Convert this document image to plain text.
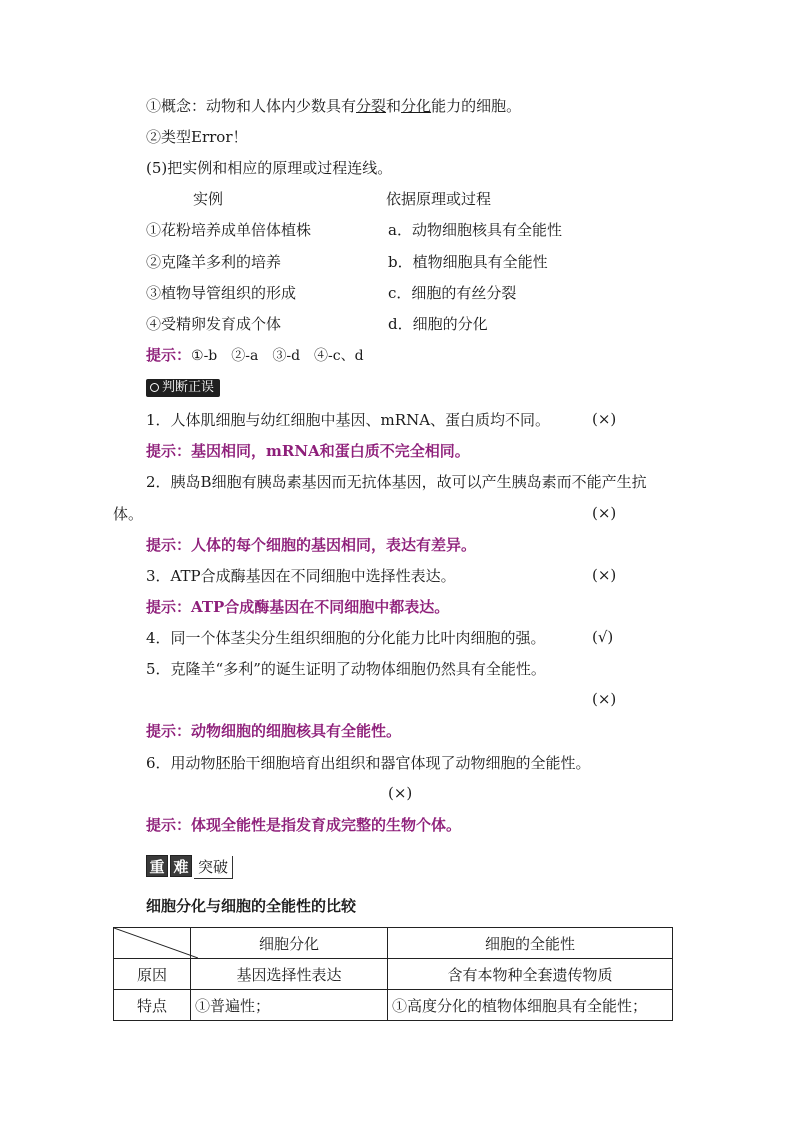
①概念：动物和人体内少数具有分裂和分化能力的细胞。
②类型Error！
(5)把实例和相应的原理或过程连线。
实例	依据原理或过程
①花粉培养成单倍体植株	a．动物细胞核具有全能性
②克隆羊多利的培养	b．植物细胞具有全能性
③植物导管组织的形成	c．细胞的有丝分裂
④受精卵发育成个体	d．细胞的分化
提示：①-b　②-a　③-d　④-c、d
判断正误
1．人体肌细胞与幼红细胞中基因、mRNA、蛋白质均不同。	(×)
提示：基因相同，mRNA和蛋白质不完全相同。
2．胰岛B细胞有胰岛素基因而无抗体基因，故可以产生胰岛素而不能产生抗
体。	(×)
提示：人体的每个细胞的基因相同，表达有差异。
3．ATP合成酶基因在不同细胞中选择性表达。	(×)
提示：ATP合成酶基因在不同细胞中都表达。
4．同一个体茎尖分生组织细胞的分化能力比叶肉细胞的强。	(√)
5．克隆羊“多利”的诞生证明了动物体细胞仍然具有全能性。
(×)
提示：动物细胞的细胞核具有全能性。
6．用动物胚胎干细胞培育出组织和器官体现了动物细胞的全能性。
(×)
提示：体现全能性是指发育成完整的生物个体。
重 难 突破
细胞分化与细胞的全能性的比较
	细胞分化	细胞的全能性
原因	基因选择性表达	含有本物种全套遗传物质
特点	①普遍性；	①高度分化的植物体细胞具有全能性；
